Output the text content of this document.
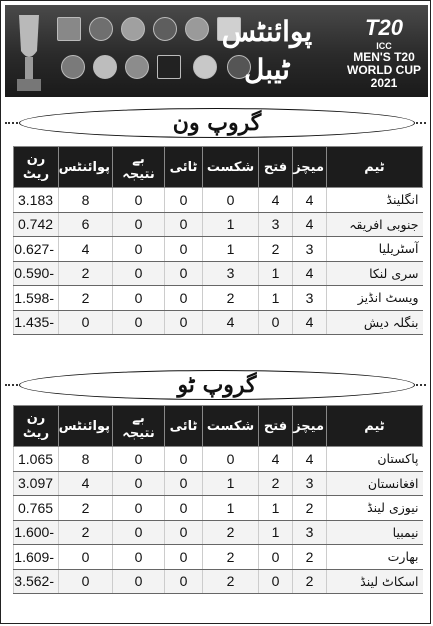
پوائنٹس
ٹیبل
T20
ICC
MEN'S T20
WORLD CUP
2021
گروپ ون
ٹیم	میچز	فتح	شکست	ٹائی	بے نتیجہ	پوائنٹس	رن ریٹ
انگلینڈ	4	4	0	0	0	8	3.183
جنوبی افریقہ	4	3	1	0	0	6	0.742
آسٹریلیا	3	2	1	0	0	4	-0.627
سری لنکا	4	1	3	0	0	2	-0.590
ویسٹ انڈیز	3	1	2	0	0	2	-1.598
بنگلہ دیش	4	0	4	0	0	0	-1.435
گروپ ٹو
ٹیم	میچز	فتح	شکست	ٹائی	بے نتیجہ	پوائنٹس	رن ریٹ
پاکستان	4	4	0	0	0	8	1.065
افغانستان	3	2	1	0	0	4	3.097
نیوزی لینڈ	2	1	1	0	0	2	0.765
نیمبیا	3	1	2	0	0	2	-1.600
بھارت	2	0	2	0	0	0	-1.609
اسکاٹ لینڈ	2	0	2	0	0	0	-3.562
